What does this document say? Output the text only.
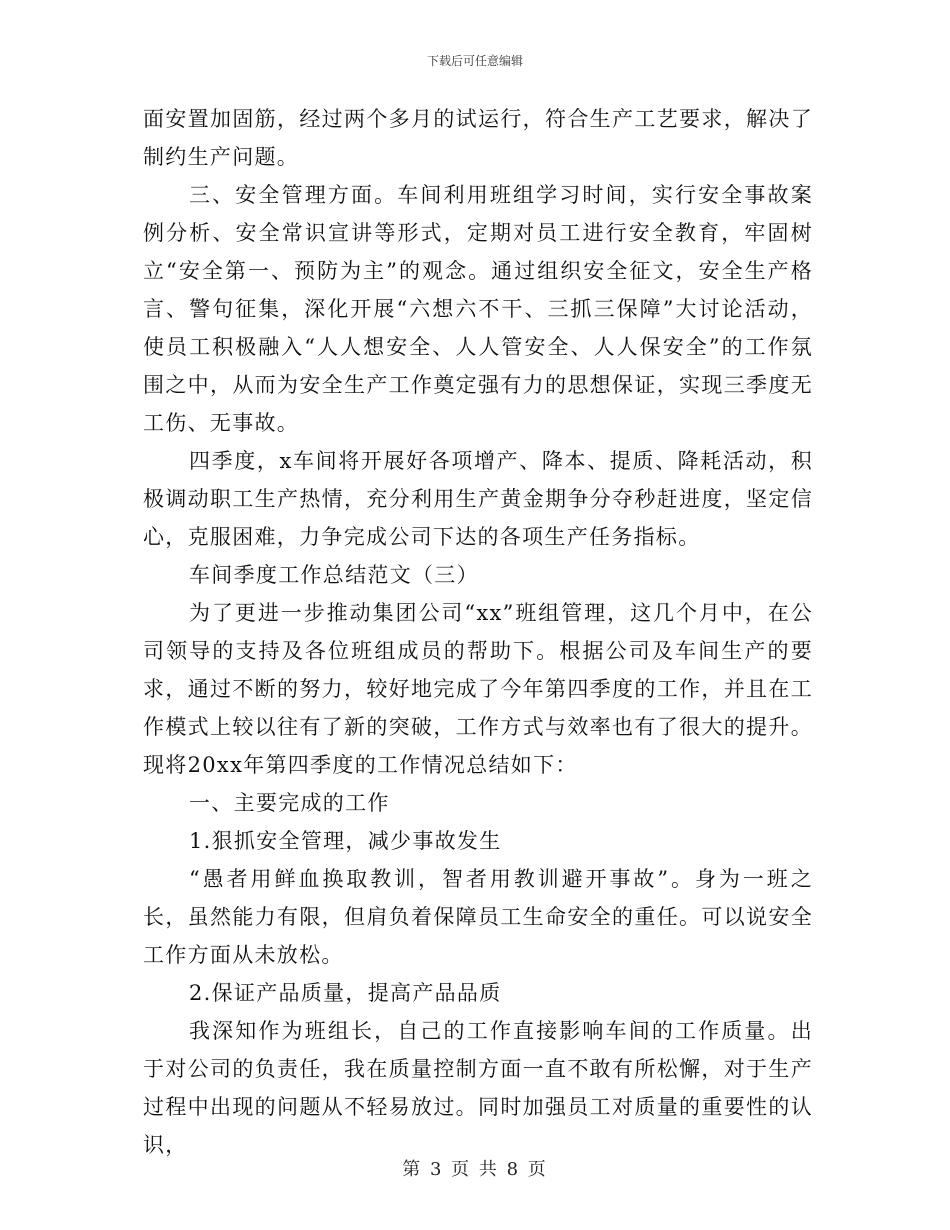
下载后可任意编辑

面安置加固筋，经过两个多月的试运行，符合生产工艺要求，解决了制约生产问题。

三、安全管理方面。车间利用班组学习时间，实行安全事故案例分析、安全常识宣讲等形式，定期对员工进行安全教育，牢固树立“安全第一、预防为主”的观念。通过组织安全征文，安全生产格言、警句征集，深化开展“六想六不干、三抓三保障”大讨论活动，使员工积极融入“人人想安全、人人管安全、人人保安全”的工作氛围之中，从而为安全生产工作奠定强有力的思想保证，实现三季度无工伤、无事故。

四季度，x车间将开展好各项增产、降本、提质、降耗活动，积极调动职工生产热情，充分利用生产黄金期争分夺秒赶进度，坚定信心，克服困难，力争完成公司下达的各项生产任务指标。

车间季度工作总结范文（三）

为了更进一步推动集团公司“xx”班组管理，这几个月中，在公司领导的支持及各位班组成员的帮助下。根据公司及车间生产的要求，通过不断的努力，较好地完成了今年第四季度的工作，并且在工作模式上较以往有了新的突破，工作方式与效率也有了很大的提升。现将20xx年第四季度的工作情况总结如下：

一、主要完成的工作

1.狠抓安全管理，减少事故发生

“愚者用鲜血换取教训，智者用教训避开事故”。身为一班之长，虽然能力有限，但肩负着保障员工生命安全的重任。可以说安全工作方面从未放松。

2.保证产品质量，提高产品品质

我深知作为班组长，自己的工作直接影响车间的工作质量。出于对公司的负责任，我在质量控制方面一直不敢有所松懈，对于生产过程中出现的问题从不轻易放过。同时加强员工对质量的重要性的认识，

第 3 页 共 8 页
